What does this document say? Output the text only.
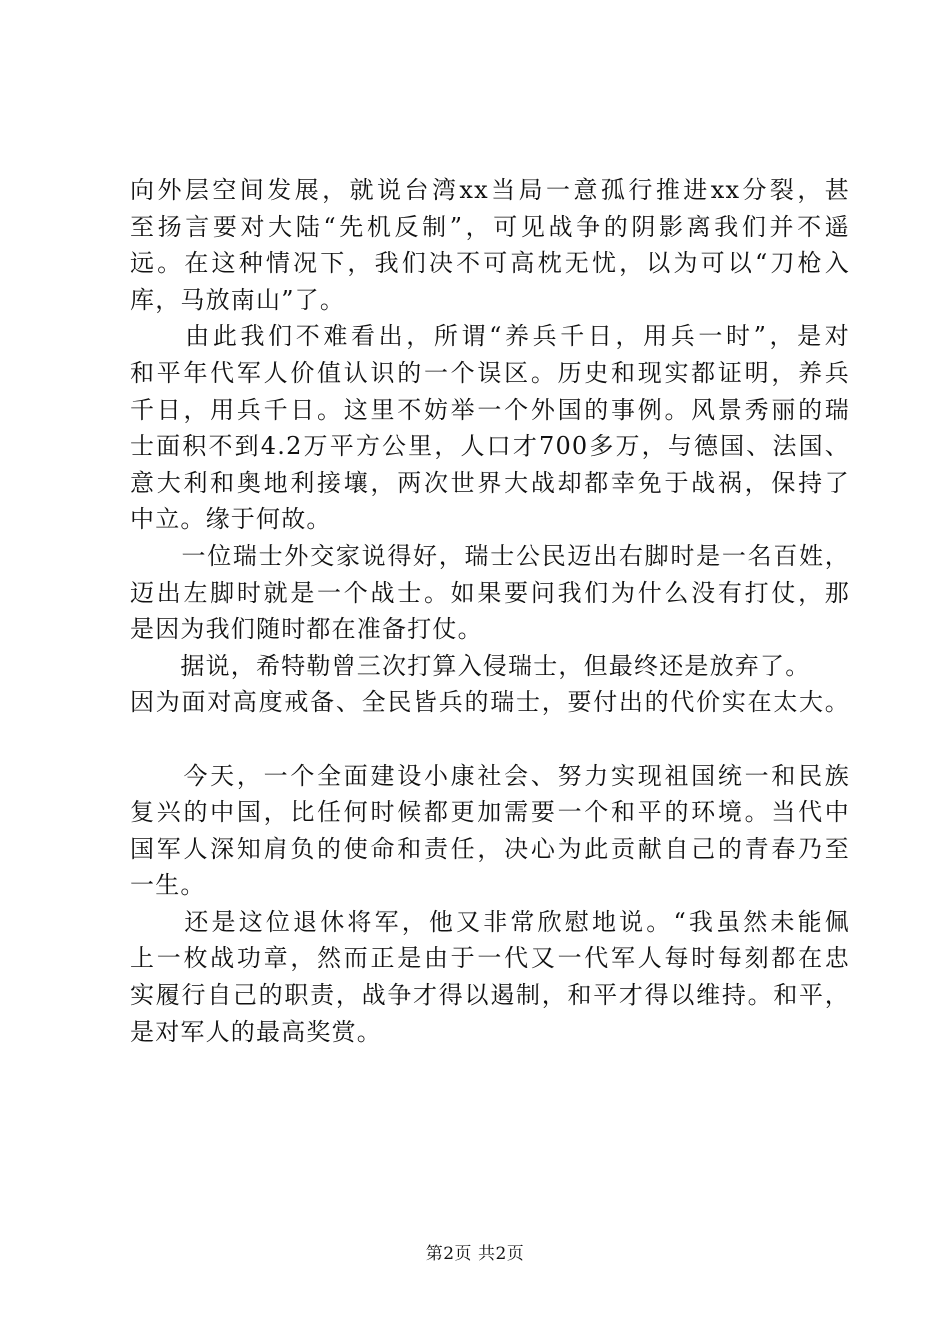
向外层空间发展，就说台湾xx当局一意孤行推进xx分裂，甚
至扬言要对大陆“先机反制”，可见战争的阴影离我们并不遥
远。在这种情况下，我们决不可高枕无忧，以为可以“刀枪入
库，马放南山”了。
　　由此我们不难看出，所谓“养兵千日，用兵一时”，是对
和平年代军人价值认识的一个误区。历史和现实都证明，养兵
千日，用兵千日。这里不妨举一个外国的事例。风景秀丽的瑞
士面积不到4.2万平方公里，人口才700多万，与德国、法国、
意大利和奥地利接壤，两次世界大战却都幸免于战祸，保持了
中立。缘于何故。
　　一位瑞士外交家说得好，瑞士公民迈出右脚时是一名百姓，
迈出左脚时就是一个战士。如果要问我们为什么没有打仗，那
是因为我们随时都在准备打仗。
　　据说，希特勒曾三次打算入侵瑞士，但最终还是放弃了。
因为面对高度戒备、全民皆兵的瑞士，要付出的代价实在太大。
　　今天，一个全面建设小康社会、努力实现祖国统一和民族
复兴的中国，比任何时候都更加需要一个和平的环境。当代中
国军人深知肩负的使命和责任，决心为此贡献自己的青春乃至
一生。
　　还是这位退休将军，他又非常欣慰地说。“我虽然未能佩
上一枚战功章，然而正是由于一代又一代军人每时每刻都在忠
实履行自己的职责，战争才得以遏制，和平才得以维持。和平，
是对军人的最高奖赏。
第2页 共2页
